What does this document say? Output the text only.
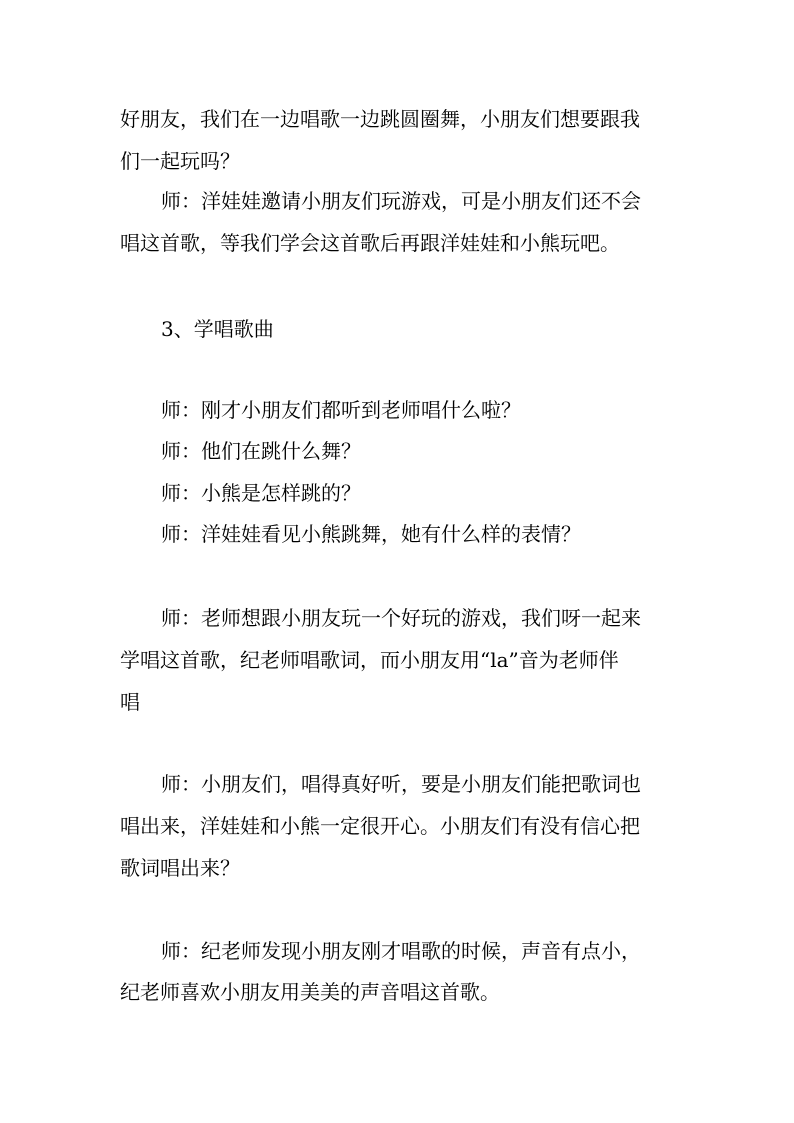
好朋友，我们在一边唱歌一边跳圆圈舞，小朋友们想要跟我

们一起玩吗？

师：洋娃娃邀请小朋友们玩游戏，可是小朋友们还不会

唱这首歌，等我们学会这首歌后再跟洋娃娃和小熊玩吧。

3、学唱歌曲

师：刚才小朋友们都听到老师唱什么啦？

师：他们在跳什么舞？

师：小熊是怎样跳的？

师：洋娃娃看见小熊跳舞，她有什么样的表情？

师：老师想跟小朋友玩一个好玩的游戏，我们呀一起来

学唱这首歌，纪老师唱歌词，而小朋友用“la”音为老师伴

唱

师：小朋友们，唱得真好听，要是小朋友们能把歌词也

唱出来，洋娃娃和小熊一定很开心。小朋友们有没有信心把

歌词唱出来？

师：纪老师发现小朋友刚才唱歌的时候，声音有点小，

纪老师喜欢小朋友用美美的声音唱这首歌。
